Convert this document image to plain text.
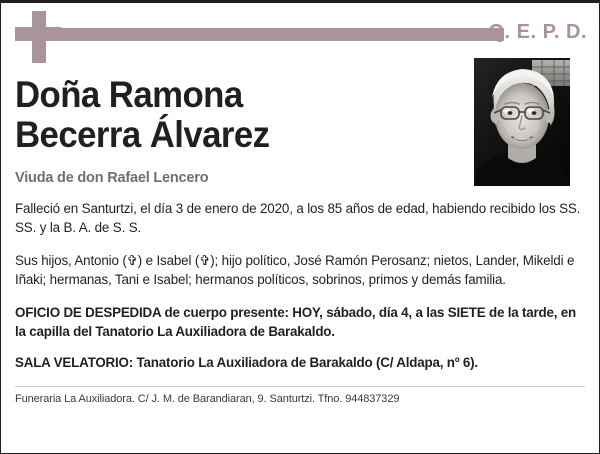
Q. E. P. D.
Doña Ramona
Becerra Álvarez
Viuda de don Rafael Lencero
Falleció en Santurtzi, el día 3 de enero de 2020, a los 85 años de edad, habiendo recibido los SS. SS. y la B. A. de S. S.
Sus hijos, Antonio (✞) e Isabel (✞); hijo político, José Ramón Perosanz; nietos, Lander, Mikeldi e Iñaki; hermanas, Tani e Isabel; hermanos políticos, sobrinos, primos y demás familia.
OFICIO DE DESPEDIDA de cuerpo presente: HOY, sábado, día 4, a las SIETE de la tarde, en la capilla del Tanatorio La Auxiliadora de Barakaldo.
SALA VELATORIO: Tanatorio La Auxiliadora de Barakaldo (C/ Aldapa, nº 6).
Funeraria La Auxiliadora. C/ J. M. de Barandiaran, 9. Santurtzi. Tfno. 944837329
